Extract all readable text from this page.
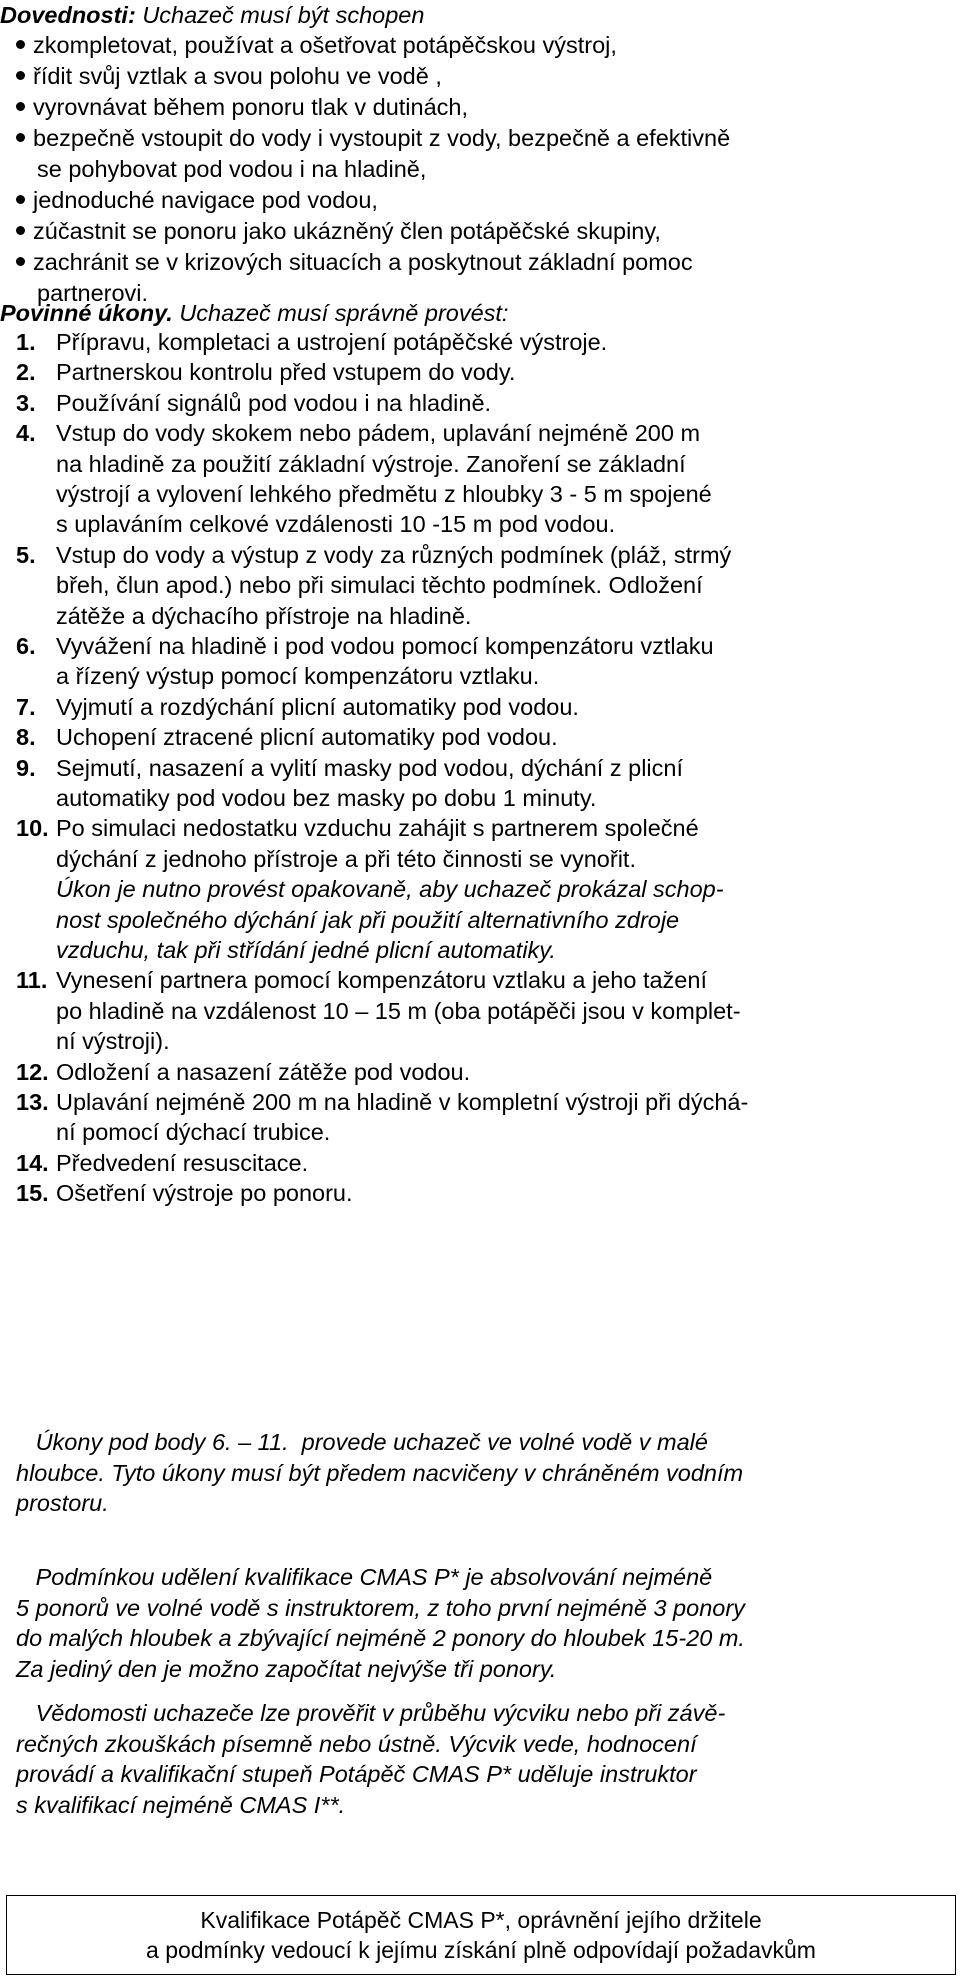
Dovednosti: Uchazeč musí být schopen
zkompletovat, používat a ošetřovat potápěčskou výstroj,
řídit svůj vztlak a svou polohu ve vodě ,
vyrovnávat během ponoru tlak v dutinách,
bezpečně vstoupit do vody i vystoupit z vody, bezpečně a efektivně
se pohybovat pod vodou i na hladině,
jednoduché navigace pod vodou,
zúčastnit se ponoru jako ukázněný člen potápěčské skupiny,
zachránit se v krizových situacích a poskytnout základní pomoc
partnerovi.
Povinné úkony. Uchazeč musí správně provést:
1. Přípravu, kompletaci a ustrojení potápěčské výstroje.
2. Partnerskou kontrolu před vstupem do vody.
3. Používání signálů pod vodou i na hladině.
4. Vstup do vody skokem nebo pádem, uplavání nejméně 200 m
na hladině za použití základní výstroje. Zanoření se základní
výstrojí a vylovení lehkého předmětu z hloubky 3 - 5 m spojené
s uplaváním celkové vzdálenosti 10 -15 m pod vodou.
5. Vstup do vody a výstup z vody za různých podmínek (pláž, strmý
břeh, člun apod.) nebo při simulaci těchto podmínek. Odložení
zátěže a dýchacího přístroje na hladině.
6. Vyvážení na hladině i pod vodou pomocí kompenzátoru vztlaku
a řízený výstup pomocí kompenzátoru vztlaku.
7. Vyjmutí a rozdýchání plicní automatiky pod vodou.
8. Uchopení ztracené plicní automatiky pod vodou.
9. Sejmutí, nasazení a vylití masky pod vodou, dýchání z plicní
automatiky pod vodou bez masky po dobu 1 minuty.
10. Po simulaci nedostatku vzduchu zahájit s partnerem společné
dýchání z jednoho přístroje a při této činnosti se vynořit.
Úkon je nutno provést opakovaně, aby uchazeč prokázal schop-
nost společného dýchání jak při použití alternativního zdroje
vzduchu, tak při střídání jedné plicní automatiky.
11. Vynesení partnera pomocí kompenzátoru vztlaku a jeho tažení
po hladině na vzdálenost 10 – 15 m (oba potápěči jsou v komplet-
ní výstroji).
12. Odložení a nasazení zátěže pod vodou.
13. Uplavání nejméně 200 m na hladině v kompletní výstroji při dýchá-
ní pomocí dýchací trubice.
14. Předvedení resuscitace.
15. Ošetření výstroje po ponoru.
Úkony pod body 6. – 11.  provede uchazeč ve volné vodě v malé
hloubce. Tyto úkony musí být předem nacvičeny v chráněném vodním
prostoru.
Podmínkou udělení kvalifikace CMAS P* je absolvování nejméně
5 ponorů ve volné vodě s instruktorem, z toho první nejméně 3 ponory
do malých hloubek a zbývající nejméně 2 ponory do hloubek 15-20 m.
Za jediný den je možno započítat nejvýše tři ponory.
Vědomosti uchazeče lze prověřit v průběhu výcviku nebo při závě-
rečných zkouškách písemně nebo ústně. Výcvik vede, hodnocení
provádí a kvalifikační stupeň Potápěč CMAS P* uděluje instruktor
s kvalifikací nejméně CMAS I**.
Kvalifikace Potápěč CMAS P*, oprávnění jejího držitele
a podmínky vedoucí k jejímu získání plně odpovídají požadavkům
